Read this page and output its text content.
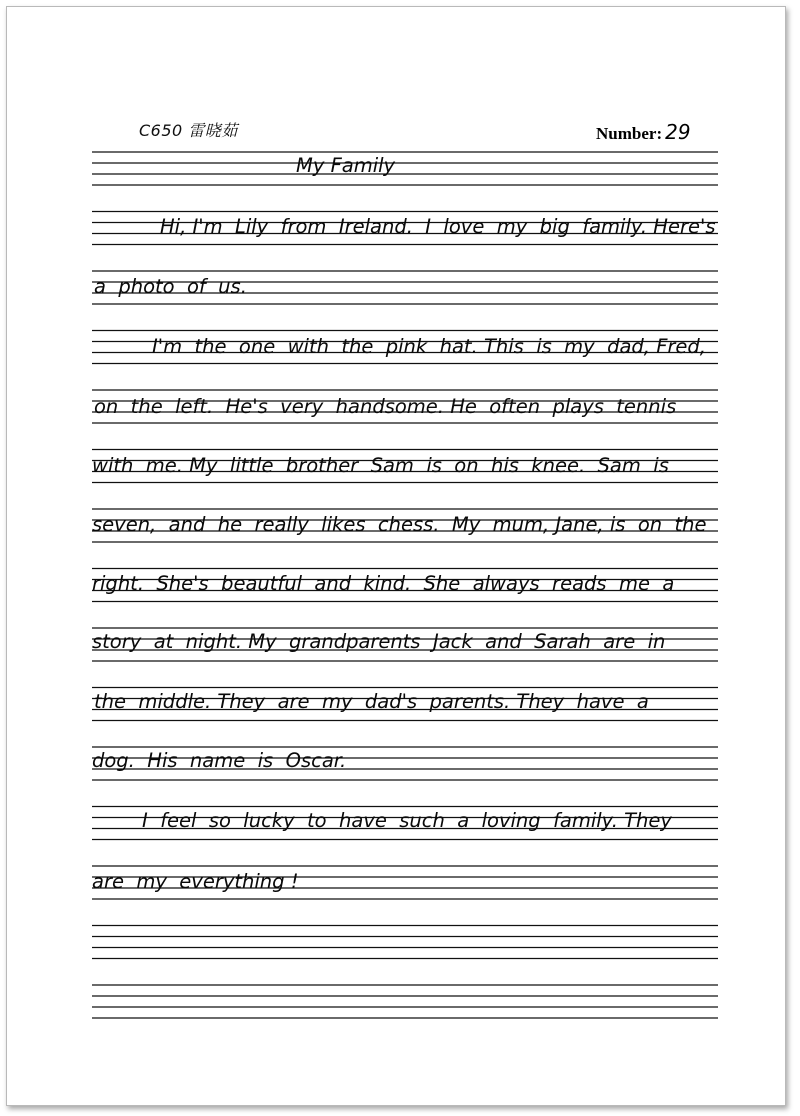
C650 雷晓茹	Number: 29
My Family
Hi, I'm  Lily  from  Ireland.  I  love  my  big  family. Here's
a  photo  of  us.
I'm  the  one  with  the  pink  hat. This  is  my  dad, Fred,
on  the  left.  He's  very  handsome. He  often  plays  tennis
with  me. My  little  brother  Sam  is  on  his  knee.  Sam  is
seven,  and  he  really  likes  chess.  My  mum, Jane, is  on  the
right.  She's  beautful  and  kind.  She  always  reads  me  a
story  at  night. My  grandparents  Jack  and  Sarah  are  in
the  middle. They  are  my  dad's  parents. They  have  a
dog.  His  name  is  Oscar.
I  feel  so  lucky  to  have  such  a  loving  family. They
are  my  everything !
